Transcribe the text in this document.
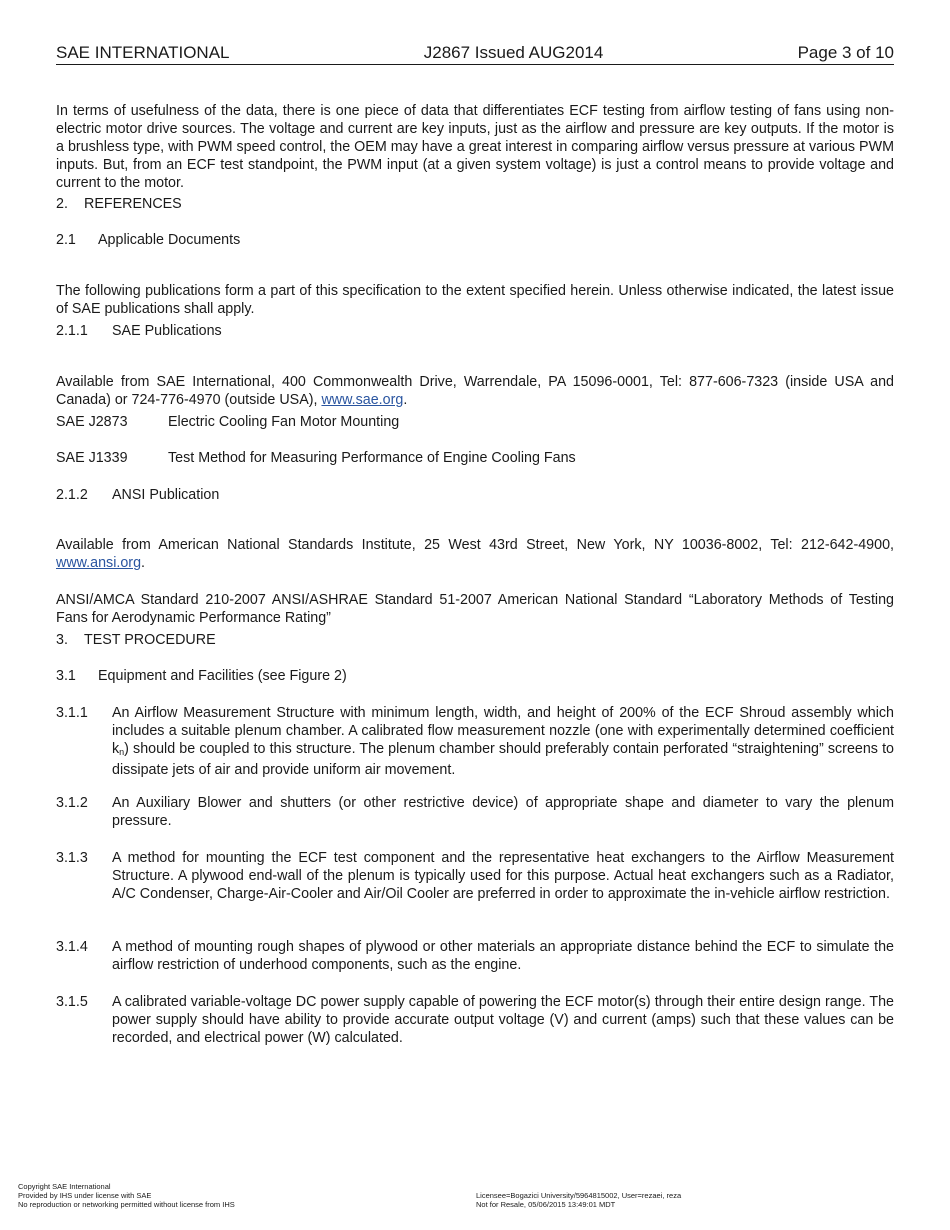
SAE INTERNATIONAL	J2867 Issued AUG2014	Page 3 of 10

In terms of usefulness of the data, there is one piece of data that differentiates ECF testing from airflow testing of fans using non-electric motor drive sources. The voltage and current are key inputs, just as the airflow and pressure are key outputs. If the motor is a brushless type, with PWM speed control, the OEM may have a great interest in comparing airflow versus pressure at various PWM inputs. But, from an ECF test standpoint, the PWM input (at a given system voltage) is just a control means to provide voltage and current to the motor.

2. REFERENCES
2.1 Applicable Documents

The following publications form a part of this specification to the extent specified herein. Unless otherwise indicated, the latest issue of SAE publications shall apply.

2.1.1 SAE Publications

Available from SAE International, 400 Commonwealth Drive, Warrendale, PA 15096-0001, Tel: 877-606-7323 (inside USA and Canada) or 724-776-4970 (outside USA), www.sae.org.

SAE J2873	Electric Cooling Fan Motor Mounting
SAE J1339	Test Method for Measuring Performance of Engine Cooling Fans
2.1.2 ANSI Publication

Available from American National Standards Institute, 25 West 43rd Street, New York, NY 10036-8002, Tel: 212-642-4900, www.ansi.org.

ANSI/AMCA Standard 210-2007 ANSI/ASHRAE Standard 51-2007 American National Standard “Laboratory Methods of Testing Fans for Aerodynamic Performance Rating”

3. TEST PROCEDURE
3.1 Equipment and Facilities (see Figure 2)
3.1.1 An Airflow Measurement Structure with minimum length, width, and height of 200% of the ECF Shroud assembly which includes a suitable plenum chamber. A calibrated flow measurement nozzle (one with experimentally determined coefficient $k_n$) should be coupled to this structure. The plenum chamber should preferably contain perforated “straightening” screens to dissipate jets of air and provide uniform air movement.
3.1.2 An Auxiliary Blower and shutters (or other restrictive device) of appropriate shape and diameter to vary the plenum pressure.
3.1.3 A method for mounting the ECF test component and the representative heat exchangers to the Airflow Measurement Structure. A plywood end-wall of the plenum is typically used for this purpose. Actual heat exchangers such as a Radiator, A/C Condenser, Charge-Air-Cooler and Air/Oil Cooler are preferred in order to approximate the in-vehicle airflow restriction.
3.1.4 A method of mounting rough shapes of plywood or other materials an appropriate distance behind the ECF to simulate the airflow restriction of underhood components, such as the engine.
3.1.5 A calibrated variable-voltage DC power supply capable of powering the ECF motor(s) through their entire design range. The power supply should have ability to provide accurate output voltage (V) and current (amps) such that these values can be recorded, and electrical power (W) calculated.
Copyright SAE International
Provided by IHS under license with SAE
No reproduction or networking permitted without license from IHS
Licensee=Bogazici University/5964815002, User=rezaei, reza
Not for Resale, 05/06/2015 13:49:01 MDT
